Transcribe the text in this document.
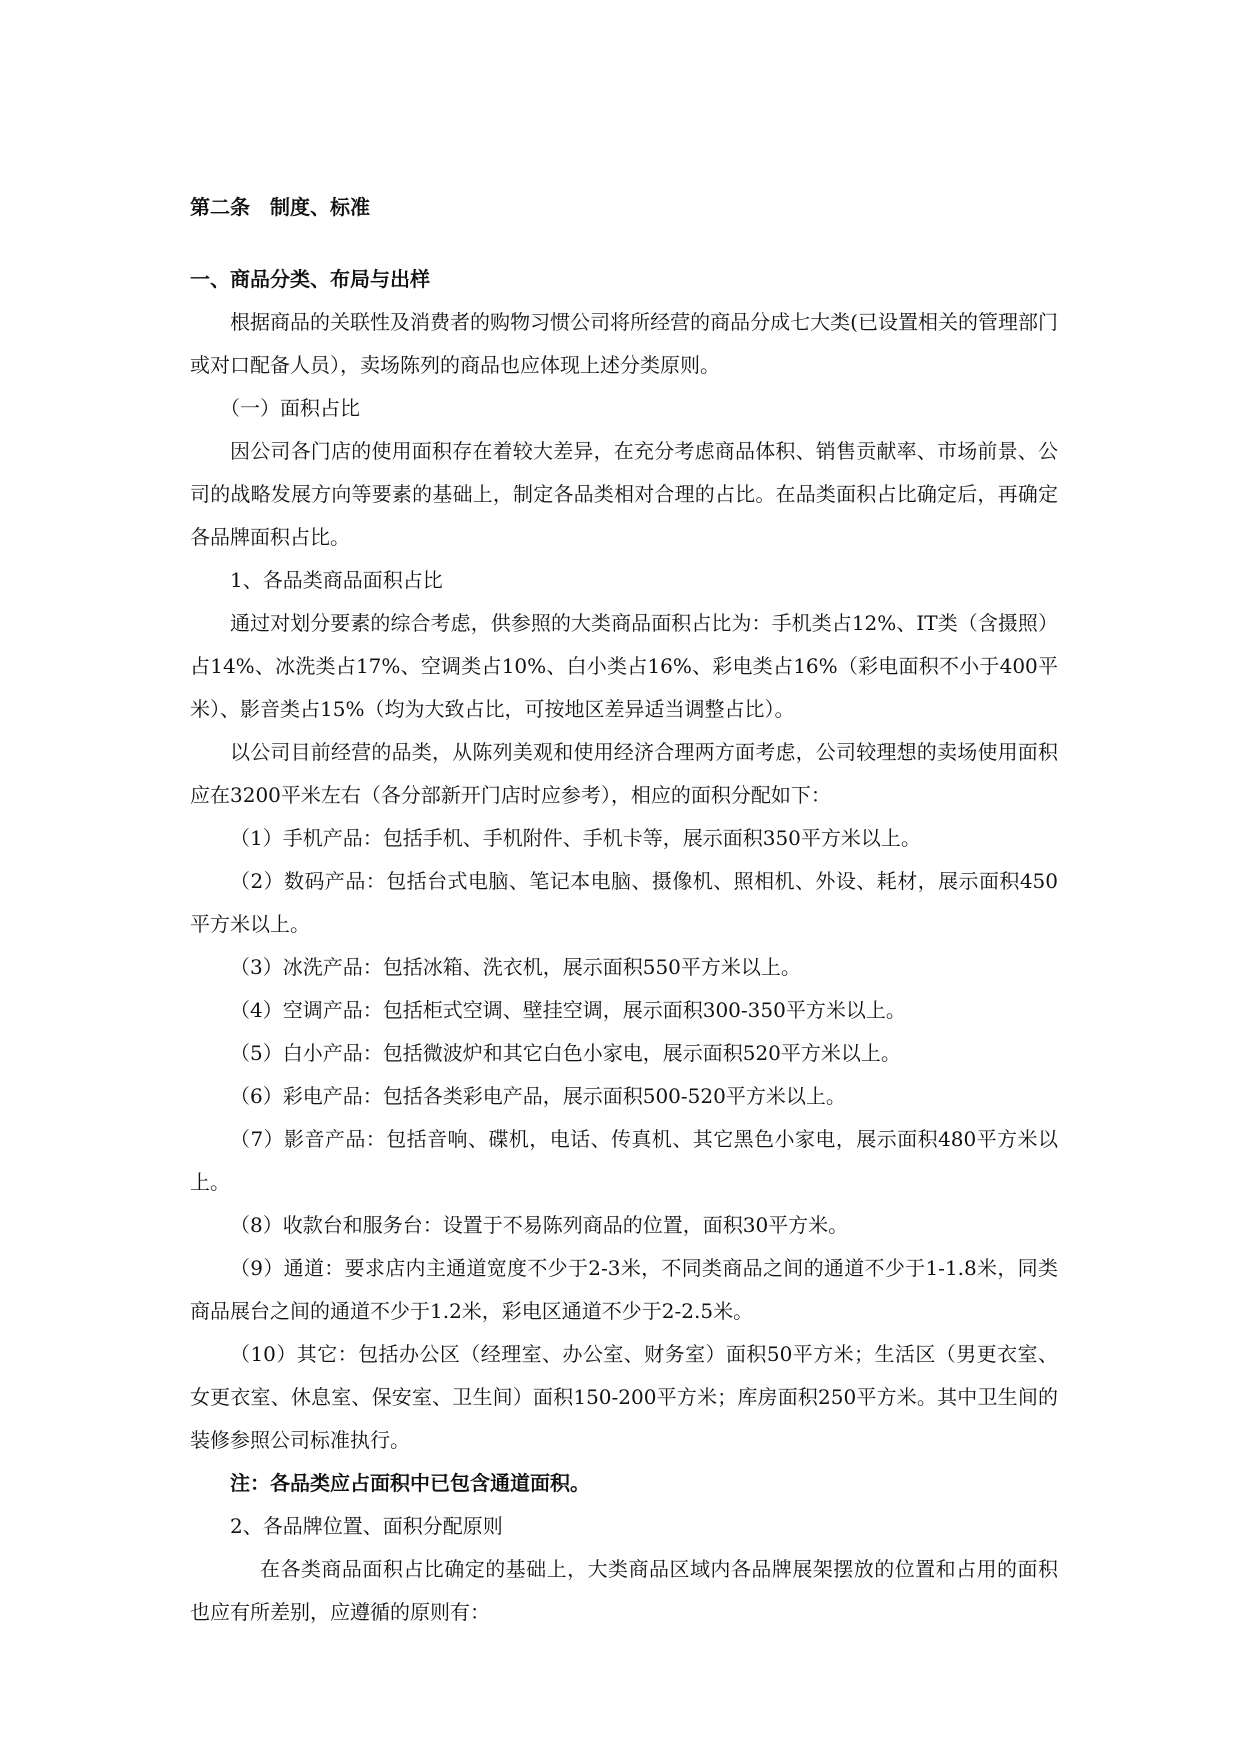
第二条　制度、标准

一、商品分类、布局与出样

根据商品的关联性及消费者的购物习惯公司将所经营的商品分成七大类(已设置相关的管理部门或对口配备人员），卖场陈列的商品也应体现上述分类原则。

（一）面积占比

因公司各门店的使用面积存在着较大差异，在充分考虑商品体积、销售贡献率、市场前景、公司的战略发展方向等要素的基础上，制定各品类相对合理的占比。在品类面积占比确定后，再确定各品牌面积占比。

1、各品类商品面积占比

通过对划分要素的综合考虑，供参照的大类商品面积占比为：手机类占12%、IT类（含摄照）占14%、冰洗类占17%、空调类占10%、白小类占16%、彩电类占16%（彩电面积不小于400平米）、影音类占15%（均为大致占比，可按地区差异适当调整占比）。

以公司目前经营的品类，从陈列美观和使用经济合理两方面考虑，公司较理想的卖场使用面积应在3200平米左右（各分部新开门店时应参考），相应的面积分配如下：

（1）手机产品：包括手机、手机附件、手机卡等，展示面积350平方米以上。

（2）数码产品：包括台式电脑、笔记本电脑、摄像机、照相机、外设、耗材，展示面积450平方米以上。

（3）冰洗产品：包括冰箱、洗衣机，展示面积550平方米以上。

（4）空调产品：包括柜式空调、壁挂空调，展示面积300-350平方米以上。

（5）白小产品：包括微波炉和其它白色小家电，展示面积520平方米以上。

（6）彩电产品：包括各类彩电产品，展示面积500-520平方米以上。

（7）影音产品：包括音响、碟机，电话、传真机、其它黑色小家电，展示面积480平方米以上。

（8）收款台和服务台：设置于不易陈列商品的位置，面积30平方米。

（9）通道：要求店内主通道宽度不少于2-3米，不同类商品之间的通道不少于1-1.8米，同类商品展台之间的通道不少于1.2米，彩电区通道不少于2-2.5米。

（10）其它：包括办公区（经理室、办公室、财务室）面积50平方米；生活区（男更衣室、女更衣室、休息室、保安室、卫生间）面积150-200平方米；库房面积250平方米。其中卫生间的装修参照公司标准执行。

注：各品类应占面积中已包含通道面积。

2、各品牌位置、面积分配原则

在各类商品面积占比确定的基础上，大类商品区域内各品牌展架摆放的位置和占用的面积也应有所差别，应遵循的原则有：
